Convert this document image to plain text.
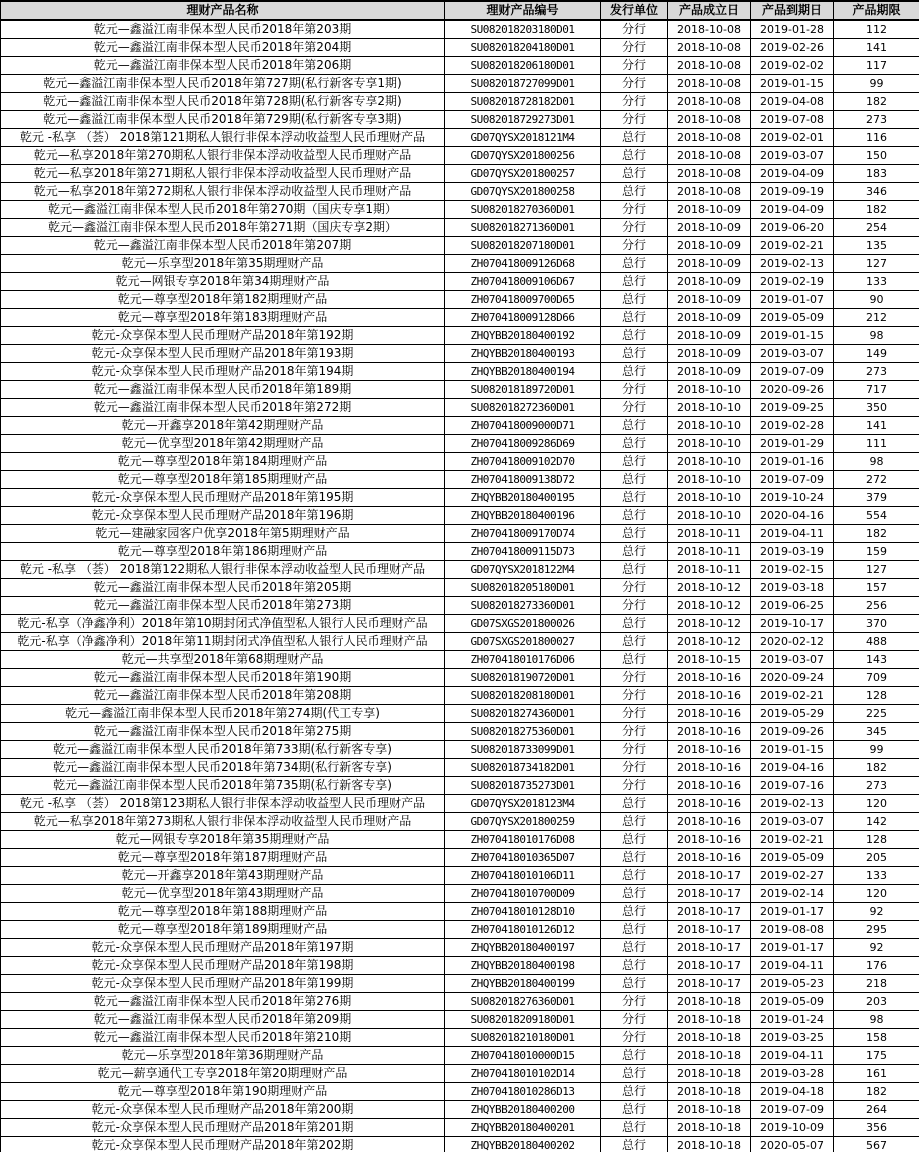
理财产品名称	理财产品编号	发行单位	产品成立日	产品到期日	产品期限
乾元—鑫溢江南非保本型人民币2018年第203期	SU082018203180D01	分行	2018-10-08	2019-01-28	112
乾元—鑫溢江南非保本型人民币2018年第204期	SU082018204180D01	分行	2018-10-08	2019-02-26	141
乾元—鑫溢江南非保本型人民币2018年第206期	SU082018206180D01	分行	2018-10-08	2019-02-02	117
乾元—鑫溢江南非保本型人民币2018年第727期(私行新客专享1期)	SU082018727099D01	分行	2018-10-08	2019-01-15	99
乾元—鑫溢江南非保本型人民币2018年第728期(私行新客专享2期)	SU082018728182D01	分行	2018-10-08	2019-04-08	182
乾元—鑫溢江南非保本型人民币2018年第729期(私行新客专享3期)	SU082018729273D01	分行	2018-10-08	2019-07-08	273
乾元 -私享 （荟） 2018第121期私人银行非保本浮动收益型人民币理财产品	GD07QYSX2018121M4	总行	2018-10-08	2019-02-01	116
乾元—私享2018年第270期私人银行非保本浮动收益型人民币理财产品	GD07QYSX201800256	总行	2018-10-08	2019-03-07	150
乾元—私享2018年第271期私人银行非保本浮动收益型人民币理财产品	GD07QYSX201800257	总行	2018-10-08	2019-04-09	183
乾元—私享2018年第272期私人银行非保本浮动收益型人民币理财产品	GD07QYSX201800258	总行	2018-10-08	2019-09-19	346
乾元—鑫溢江南非保本型人民币2018年第270期（国庆专享1期）	SU082018270360D01	分行	2018-10-09	2019-04-09	182
乾元—鑫溢江南非保本型人民币2018年第271期（国庆专享2期）	SU082018271360D01	分行	2018-10-09	2019-06-20	254
乾元—鑫溢江南非保本型人民币2018年第207期	SU082018207180D01	分行	2018-10-09	2019-02-21	135
乾元—乐享型2018年第35期理财产品	ZH070418009126D68	总行	2018-10-09	2019-02-13	127
乾元—网银专享2018年第34期理财产品	ZH070418009106D67	总行	2018-10-09	2019-02-19	133
乾元—尊享型2018年第182期理财产品	ZH070418009700D65	总行	2018-10-09	2019-01-07	90
乾元—尊享型2018年第183期理财产品	ZH070418009128D66	总行	2018-10-09	2019-05-09	212
乾元-众享保本型人民币理财产品2018年第192期	ZHQYBB20180400192	总行	2018-10-09	2019-01-15	98
乾元-众享保本型人民币理财产品2018年第193期	ZHQYBB20180400193	总行	2018-10-09	2019-03-07	149
乾元-众享保本型人民币理财产品2018年第194期	ZHQYBB20180400194	总行	2018-10-09	2019-07-09	273
乾元—鑫溢江南非保本型人民币2018年第189期	SU082018189720D01	分行	2018-10-10	2020-09-26	717
乾元—鑫溢江南非保本型人民币2018年第272期	SU082018272360D01	分行	2018-10-10	2019-09-25	350
乾元—开鑫享2018年第42期理财产品	ZH070418009000D71	总行	2018-10-10	2019-02-28	141
乾元—优享型2018年第42期理财产品	ZH070418009286D69	总行	2018-10-10	2019-01-29	111
乾元—尊享型2018年第184期理财产品	ZH070418009102D70	总行	2018-10-10	2019-01-16	98
乾元—尊享型2018年第185期理财产品	ZH070418009138D72	总行	2018-10-10	2019-07-09	272
乾元-众享保本型人民币理财产品2018年第195期	ZHQYBB20180400195	总行	2018-10-10	2019-10-24	379
乾元-众享保本型人民币理财产品2018年第196期	ZHQYBB20180400196	总行	2018-10-10	2020-04-16	554
乾元—建融家园客户优享2018年第5期理财产品	ZH070418009170D74	总行	2018-10-11	2019-04-11	182
乾元—尊享型2018年第186期理财产品	ZH070418009115D73	总行	2018-10-11	2019-03-19	159
乾元 -私享 （荟） 2018第122期私人银行非保本浮动收益型人民币理财产品	GD07QYSX2018122M4	总行	2018-10-11	2019-02-15	127
乾元—鑫溢江南非保本型人民币2018年第205期	SU082018205180D01	分行	2018-10-12	2019-03-18	157
乾元—鑫溢江南非保本型人民币2018年第273期	SU082018273360D01	分行	2018-10-12	2019-06-25	256
乾元-私享（净鑫净利）2018年第10期封闭式净值型私人银行人民币理财产品	GD07SXGS201800026	总行	2018-10-12	2019-10-17	370
乾元-私享（净鑫净利）2018年第11期封闭式净值型私人银行人民币理财产品	GD07SXGS201800027	总行	2018-10-12	2020-02-12	488
乾元—共享型2018年第68期理财产品	ZH070418010176D06	总行	2018-10-15	2019-03-07	143
乾元—鑫溢江南非保本型人民币2018年第190期	SU082018190720D01	分行	2018-10-16	2020-09-24	709
乾元—鑫溢江南非保本型人民币2018年第208期	SU082018208180D01	分行	2018-10-16	2019-02-21	128
乾元—鑫溢江南非保本型人民币2018年第274期(代工专享)	SU082018274360D01	分行	2018-10-16	2019-05-29	225
乾元—鑫溢江南非保本型人民币2018年第275期	SU082018275360D01	分行	2018-10-16	2019-09-26	345
乾元—鑫溢江南非保本型人民币2018年第733期(私行新客专享)	SU082018733099D01	分行	2018-10-16	2019-01-15	99
乾元—鑫溢江南非保本型人民币2018年第734期(私行新客专享)	SU082018734182D01	分行	2018-10-16	2019-04-16	182
乾元—鑫溢江南非保本型人民币2018年第735期(私行新客专享)	SU082018735273D01	分行	2018-10-16	2019-07-16	273
乾元 -私享 （荟） 2018第123期私人银行非保本浮动收益型人民币理财产品	GD07QYSX2018123M4	总行	2018-10-16	2019-02-13	120
乾元—私享2018年第273期私人银行非保本浮动收益型人民币理财产品	GD07QYSX201800259	总行	2018-10-16	2019-03-07	142
乾元—网银专享2018年第35期理财产品	ZH070418010176D08	总行	2018-10-16	2019-02-21	128
乾元—尊享型2018年第187期理财产品	ZH070418010365D07	总行	2018-10-16	2019-05-09	205
乾元—开鑫享2018年第43期理财产品	ZH070418010106D11	总行	2018-10-17	2019-02-27	133
乾元—优享型2018年第43期理财产品	ZH070418010700D09	总行	2018-10-17	2019-02-14	120
乾元—尊享型2018年第188期理财产品	ZH070418010128D10	总行	2018-10-17	2019-01-17	92
乾元—尊享型2018年第189期理财产品	ZH070418010126D12	总行	2018-10-17	2019-08-08	295
乾元-众享保本型人民币理财产品2018年第197期	ZHQYBB20180400197	总行	2018-10-17	2019-01-17	92
乾元-众享保本型人民币理财产品2018年第198期	ZHQYBB20180400198	总行	2018-10-17	2019-04-11	176
乾元-众享保本型人民币理财产品2018年第199期	ZHQYBB20180400199	总行	2018-10-17	2019-05-23	218
乾元—鑫溢江南非保本型人民币2018年第276期	SU082018276360D01	分行	2018-10-18	2019-05-09	203
乾元—鑫溢江南非保本型人民币2018年第209期	SU082018209180D01	分行	2018-10-18	2019-01-24	98
乾元—鑫溢江南非保本型人民币2018年第210期	SU082018210180D01	分行	2018-10-18	2019-03-25	158
乾元—乐享型2018年第36期理财产品	ZH070418010000D15	总行	2018-10-18	2019-04-11	175
乾元—薪享通代工专享2018年第20期理财产品	ZH070418010102D14	总行	2018-10-18	2019-03-28	161
乾元—尊享型2018年第190期理财产品	ZH070418010286D13	总行	2018-10-18	2019-04-18	182
乾元-众享保本型人民币理财产品2018年第200期	ZHQYBB20180400200	总行	2018-10-18	2019-07-09	264
乾元-众享保本型人民币理财产品2018年第201期	ZHQYBB20180400201	总行	2018-10-18	2019-10-09	356
乾元-众享保本型人民币理财产品2018年第202期	ZHQYBB20180400202	总行	2018-10-18	2020-05-07	567
